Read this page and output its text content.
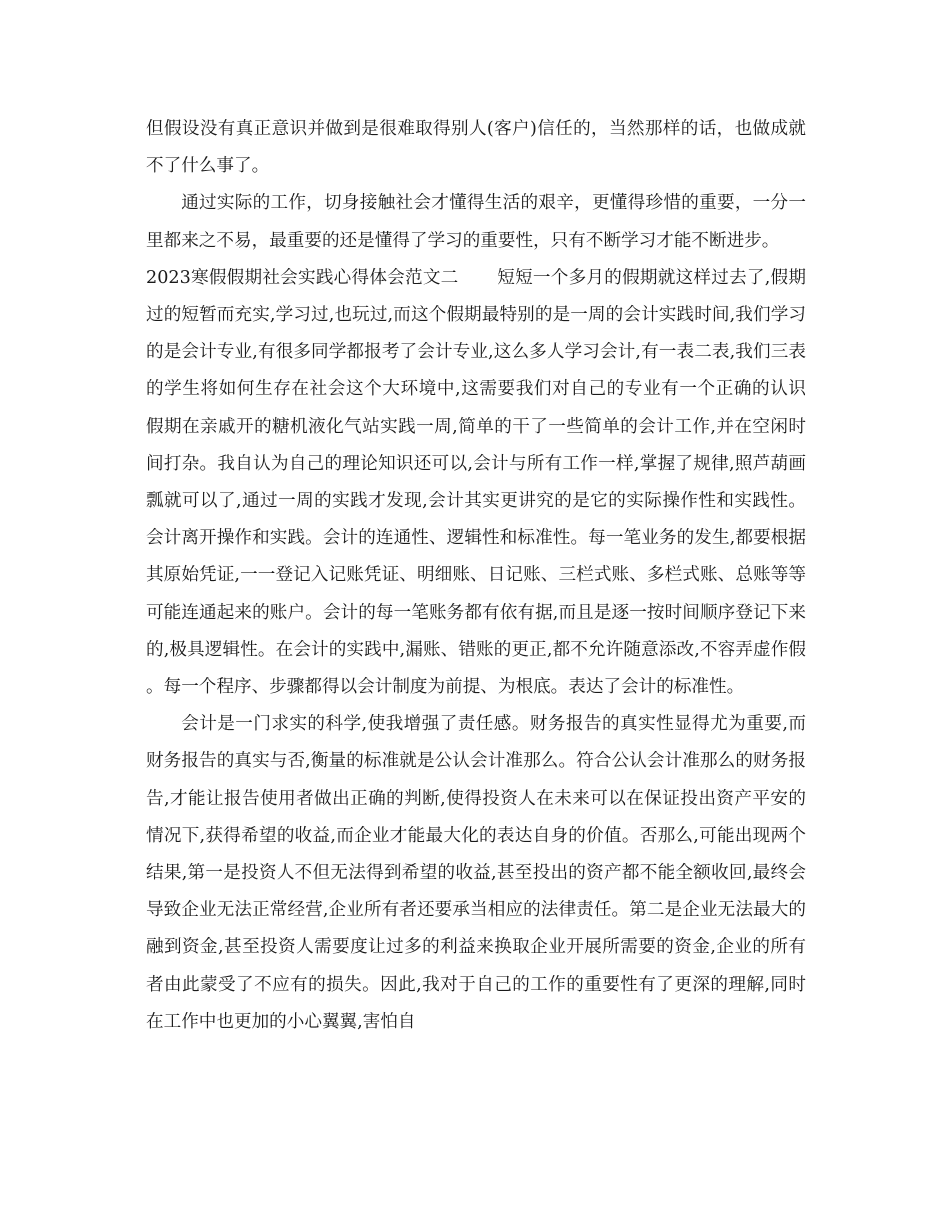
但假设没有真正意识并做到是很难取得别人(客户)信任的，当然那样的话，也做成就不了什么事了。

通过实际的工作，切身接触社会才懂得生活的艰辛，更懂得珍惜的重要，一分一里都来之不易，最重要的还是懂得了学习的重要性，只有不断学习才能不断进步。

2023寒假假期社会实践心得体会范文二 短短一个多月的假期就这样过去了,假期过的短暂而充实,学习过,也玩过,而这个假期最特别的是一周的会计实践时间,我们学习的是会计专业,有很多同学都报考了会计专业,这么多人学习会计,有一表二表,我们三表的学生将如何生存在社会这个大环境中,这需要我们对自己的专业有一个正确的认识 假期在亲戚开的糖机液化气站实践一周,简单的干了一些简单的会计工作,并在空闲时间打杂。我自认为自己的理论知识还可以,会计与所有工作一样,掌握了规律,照芦葫画瓢就可以了,通过一周的实践才发现,会计其实更讲究的是它的实际操作性和实践性。会计离开操作和实践。会计的连通性、逻辑性和标准性。每一笔业务的发生,都要根据其原始凭证,一一登记入记账凭证、明细账、日记账、三栏式账、多栏式账、总账等等可能连通起来的账户。会计的每一笔账务都有依有据,而且是逐一按时间顺序登记下来的,极具逻辑性。在会计的实践中,漏账、错账的更正,都不允许随意添改,不容弄虚作假。每一个程序、步骤都得以会计制度为前提、为根底。表达了会计的标准性。

会计是一门求实的科学,使我增强了责任感。财务报告的真实性显得尤为重要,而财务报告的真实与否,衡量的标准就是公认会计准那么。符合公认会计准那么的财务报告,才能让报告使用者做出正确的判断,使得投资人在未来可以在保证投出资产平安的情况下,获得希望的收益,而企业才能最大化的表达自身的价值。否那么,可能出现两个结果,第一是投资人不但无法得到希望的收益,甚至投出的资产都不能全额收回,最终会导致企业无法正常经营,企业所有者还要承当相应的法律责任。第二是企业无法最大的融到资金,甚至投资人需要度让过多的利益来换取企业开展所需要的资金,企业的所有者由此蒙受了不应有的损失。因此,我对于自己的工作的重要性有了更深的理解,同时在工作中也更加的小心翼翼,害怕自
